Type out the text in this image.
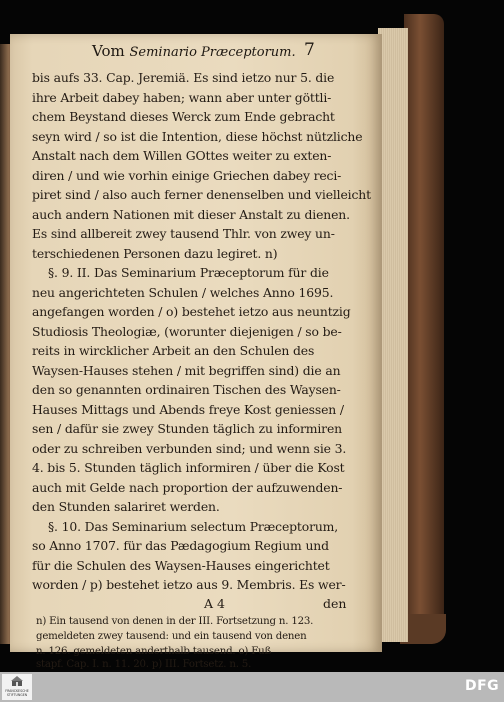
Vom Seminario Præceptorum. 7
bis aufs 33. Cap. Jeremiä. Es sind ietzo nur 5. die
ihre Arbeit dabey haben; wann aber unter göttli-
chem Beystand dieses Werck zum Ende gebracht
seyn wird / so ist die Intention, diese höchst nützliche
Anstalt nach dem Willen GOttes weiter zu exten-
diren / und wie vorhin einige Griechen dabey reci-
piret sind / also auch ferner denenselben und vielleicht
auch andern Nationen mit dieser Anstalt zu dienen.
Es sind allbereit zwey tausend Thlr. von zwey un-
terschiedenen Personen dazu legiret. n)
§. 9. II. Das Seminarium Præceptorum für die
neu angerichteten Schulen / welches Anno 1695.
angefangen worden / o) bestehet ietzo aus neuntzig
Studiosis Theologiæ, (worunter diejenigen / so be-
reits in wircklicher Arbeit an den Schulen des
Waysen-Hauses stehen / mit begriffen sind) die an
den so genannten ordinairen Tischen des Waysen-
Hauses Mittags und Abends freye Kost geniessen /
sen / dafür sie zwey Stunden täglich zu informiren
oder zu schreiben verbunden sind; und wenn sie 3.
4. bis 5. Stunden täglich informiren / über die Kost
auch mit Gelde nach proportion der aufzuwenden-
den Stunden salariret werden.
§. 10. Das Seminarium selectum Præceptorum,
so Anno 1707. für das Pædagogium Regium und
für die Schulen des Waysen-Hauses eingerichtet
worden / p) bestehet ietzo aus 9. Membris. Es wer-
A 4	den
n) Ein tausend von denen in der III. Fortsetzung n. 123.
gemeldeten zwey tausend: und ein tausend von denen
n. 126. gemeldeten anderthalb tausend. o) Fuß
stapf. Cap. I. n. 11. 20. p) III. Fortsetz. n. 5.
FRANCKESCHE STIFTUNGEN
DFG
